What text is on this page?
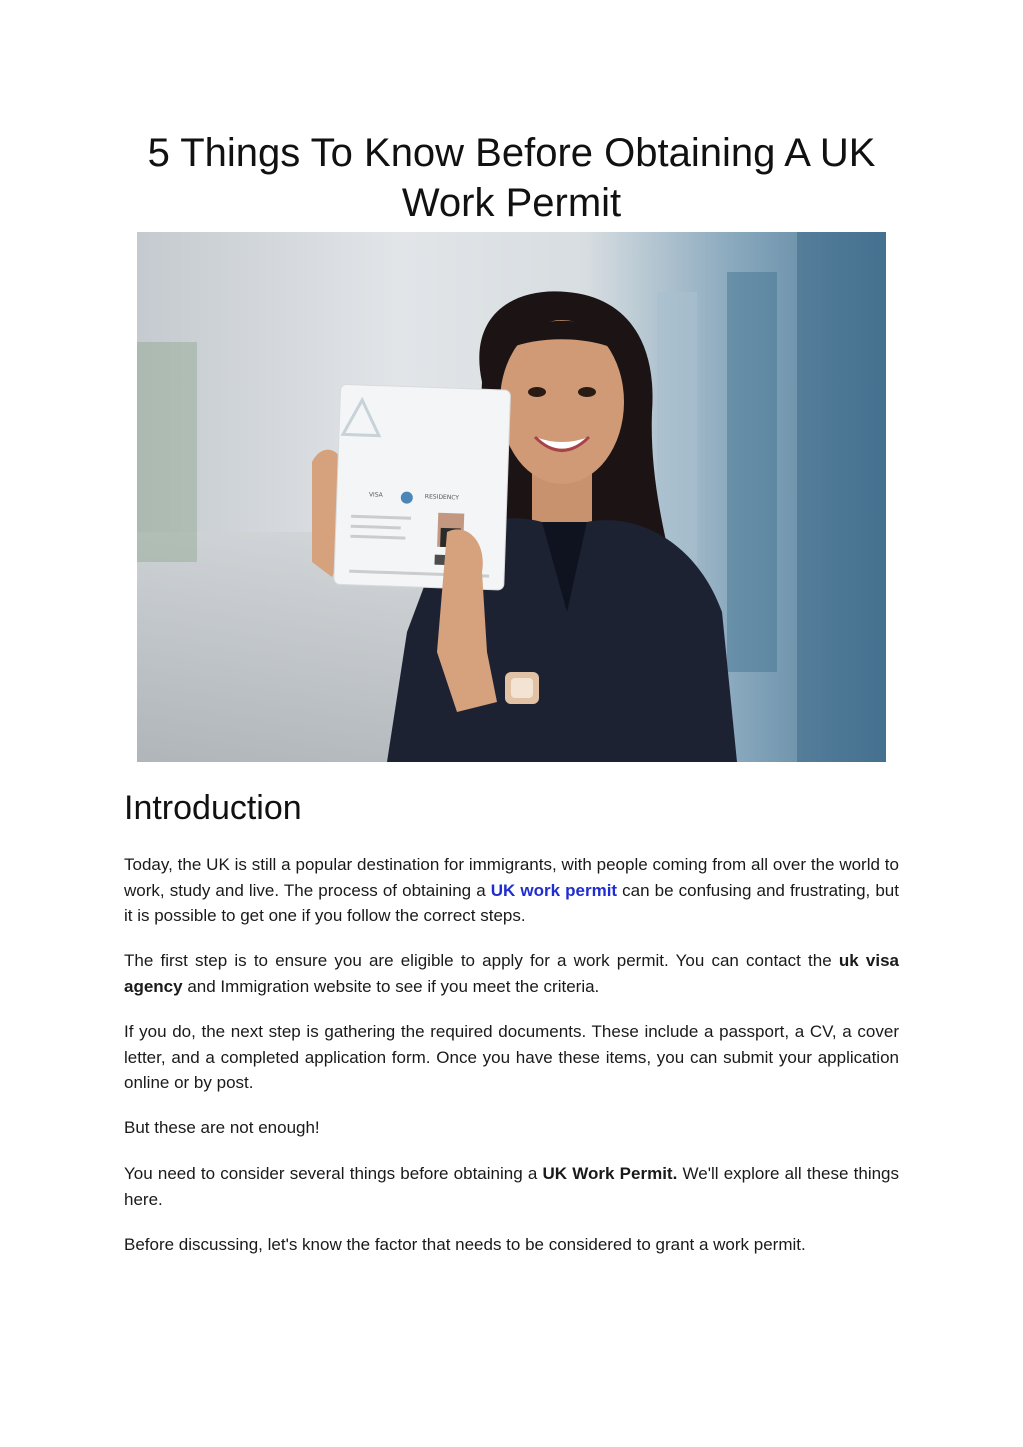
5 Things To Know Before Obtaining A UK Work Permit
VISA	RESIDENCY
Introduction

Today, the UK is still a popular destination for immigrants, with people coming from all over the world to work, study and live. The process of obtaining a UK work permit can be confusing and frustrating, but it is possible to get one if you follow the correct steps.

The first step is to ensure you are eligible to apply for a work permit. You can contact the uk visa agency and Immigration website to see if you meet the criteria.

If you do, the next step is gathering the required documents. These include a passport, a CV, a cover letter, and a completed application form. Once you have these items, you can submit your application online or by post.

But these are not enough!

You need to consider several things before obtaining a UK Work Permit. We'll explore all these things here.

Before discussing, let's know the factor that needs to be considered to grant a work permit.
